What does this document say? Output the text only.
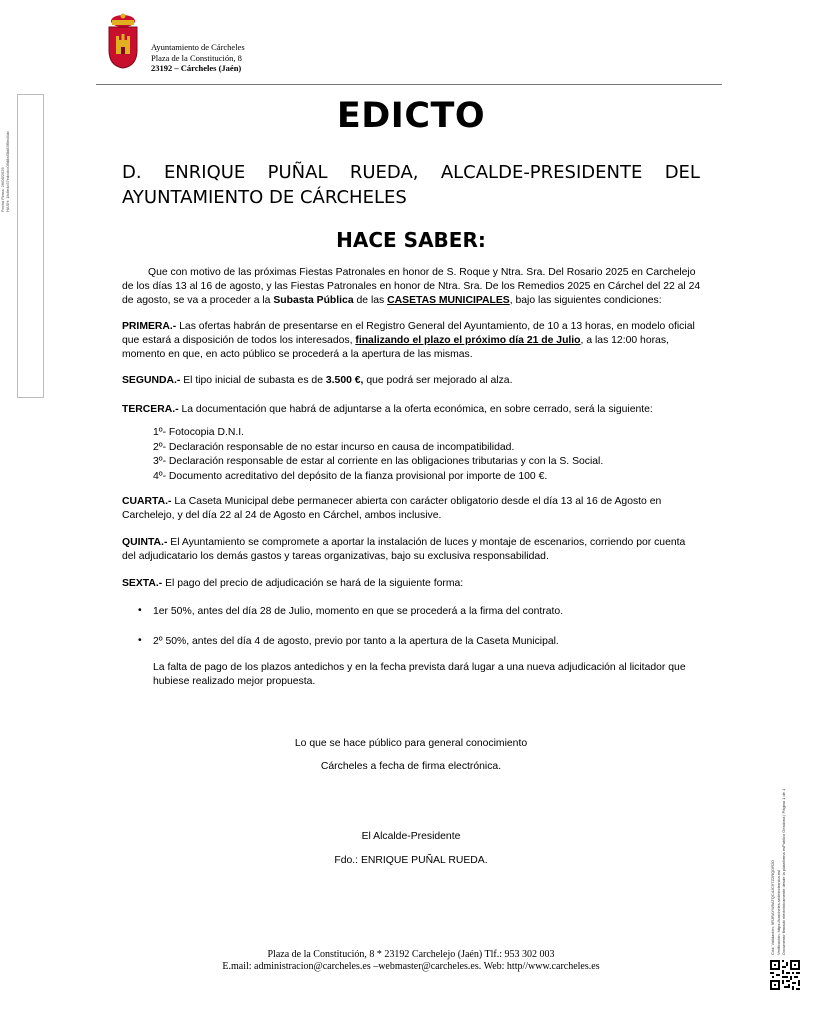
Ayuntamiento de Cárcheles
Plaza de la Constitución, 8
23192 – Cárcheles (Jaén)
Fecha Firma: 26/06/2025 HASH: 1fc8e4c57edcdcc09d8a58a83f5ed4dc
EDICTO
D. ENRIQUE PUÑAL RUEDA, ALCALDE-PRESIDENTE DEL
AYUNTAMIENTO DE CÁRCHELES
HACE SABER:
Que con motivo de las próximas Fiestas Patronales en honor de S. Roque y Ntra. Sra. Del Rosario 2025 en Carchelejo de los días 13 al 16 de agosto, y las Fiestas Patronales en honor de Ntra. Sra. De los Remedios 2025 en Cárchel del 22 al 24 de agosto, se va a proceder a la Subasta Pública de las CASETAS MUNICIPALES, bajo las siguientes condiciones:
PRIMERA.- Las ofertas habrán de presentarse en el Registro General del Ayuntamiento, de 10 a 13 horas, en modelo oficial que estará a disposición de todos los interesados, finalizando el plazo el próximo día 21 de Julio, a las 12:00 horas, momento en que, en acto público se procederá a la apertura de las mismas.
SEGUNDA.- El tipo inicial de subasta es de 3.500 €, que podrá ser mejorado al alza.
TERCERA.- La documentación que habrá de adjuntarse a la oferta económica, en sobre cerrado, será la siguiente:
1º- Fotocopia D.N.I.
2º- Declaración responsable de no estar incurso en causa de incompatibilidad.
3º- Declaración responsable de estar al corriente en las obligaciones tributarias y con la S. Social.
4º- Documento acreditativo del depósito de la fianza provisional por importe de 100 €.
CUARTA.- La Caseta Municipal debe permanecer abierta con carácter obligatorio desde el día 13 al 16 de Agosto en Carchelejo, y del día 22 al 24 de Agosto en Cárchel, ambos inclusive.
QUINTA.- El Ayuntamiento se compromete a aportar la instalación de luces y montaje de escenarios, corriendo por cuenta del adjudicatario los demás gastos y tareas organizativas, bajo su exclusiva responsabilidad.
SEXTA.- El pago del precio de adjudicación se hará de la siguiente forma:
• 1er 50%, antes del día 28 de Julio, momento en que se procederá a la firma del contrato.
• 2º 50%, antes del día 4 de agosto, previo por tanto a la apertura de la Caseta Municipal.
La falta de pago de los plazos antedichos y en la fecha prevista dará lugar a una nueva adjudicación al licitador que hubiese realizado mejor propuesta.
Lo que se hace público para general conocimiento
Cárcheles a fecha de firma electrónica.
El Alcalde-Presidente
Fdo.: ENRIQUE PUÑAL RUEDA.
Plaza de la Constitución, 8 * 23192 Carchelejo (Jaén) Tlf.: 953 302 003
E.mail: administracion@carcheles.es –webmaster@carcheles.es. Web: http//www.carcheles.es
Cód. Validación: 9RJRAYW9ATQC4JC9TZ2RQDR2D Verificación: https://carcheles.sedelectronica.es/ Documento firmado electrónicamente desde la plataforma esPublico Gestiona | Página 1 de 1
